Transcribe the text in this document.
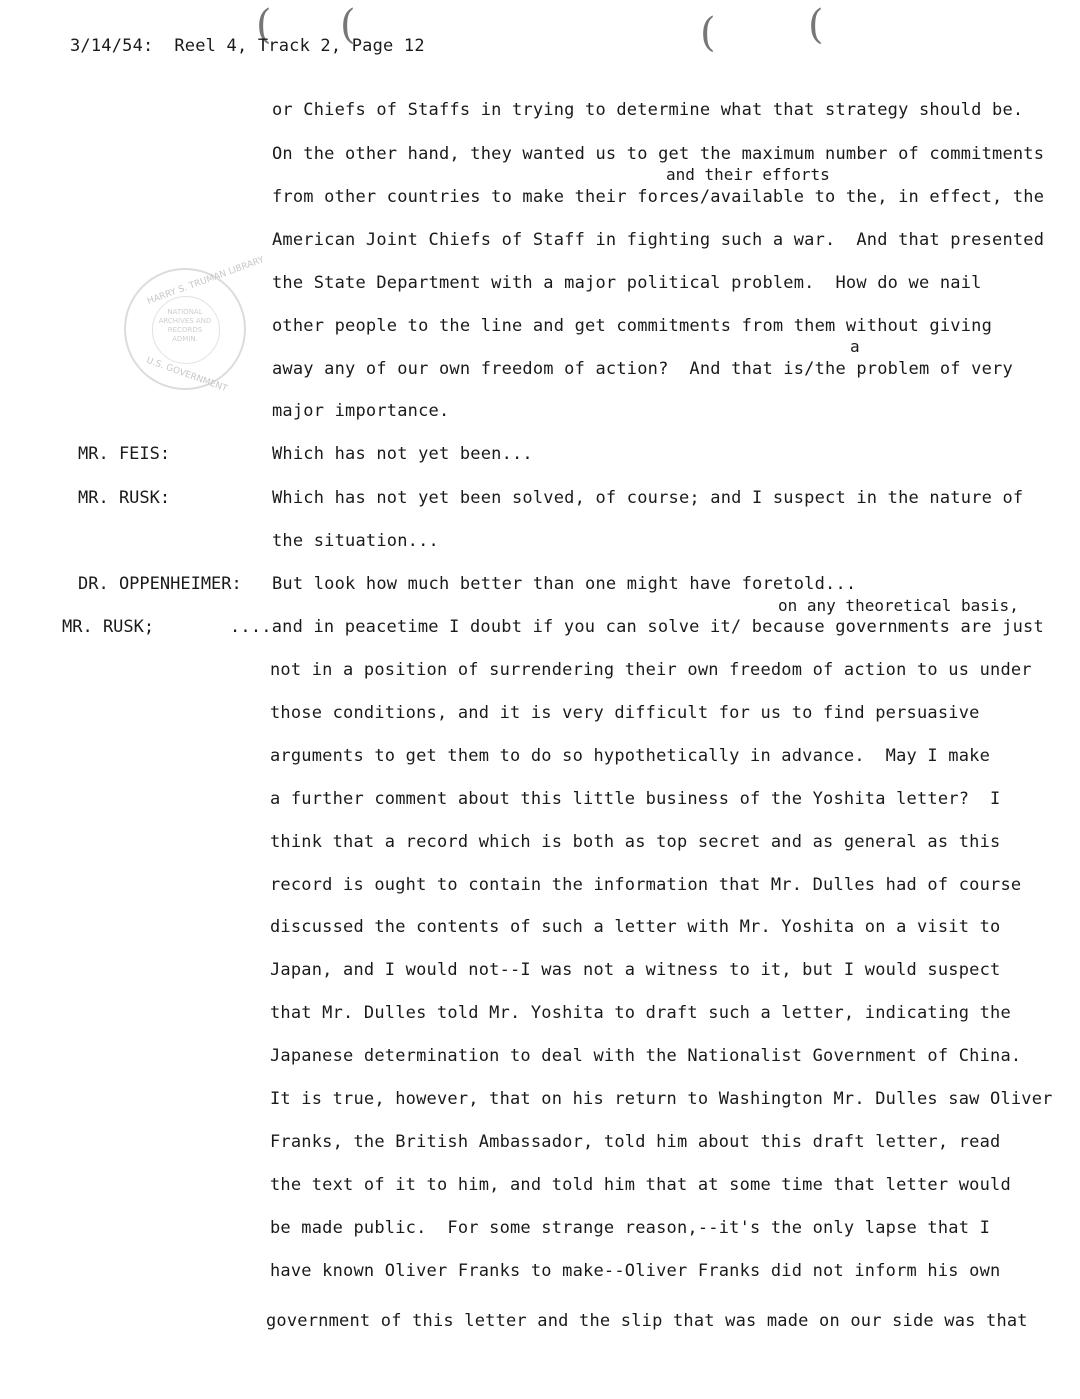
( (	( (
3/14/54:  Reel 4, Track 2, Page 12
HARRY S. TRUMAN LIBRARY
NATIONAL ARCHIVES AND RECORDS ADMIN.
U.S. GOVERNMENT
or Chiefs of Staffs in trying to determine what that strategy should be.
On the other hand, they wanted us to get the maximum number of commitments
and their efforts
from other countries to make their forces/available to the, in effect, the
American Joint Chiefs of Staff in fighting such a war.  And that presented
the State Department with a major political problem.  How do we nail
other people to the line and get commitments from them without giving
a
away any of our own freedom of action?  And that is/the problem of very
major importance.
MR. FEIS:	Which has not yet been...
MR. RUSK:	Which has not yet been solved, of course; and I suspect in the nature of
the situation...
DR. OPPENHEIMER: But look how much better than one might have foretold...
on any theoretical basis,
MR. RUSK;	....and in peacetime I doubt if you can solve it/ because governments are just
not in a position of surrendering their own freedom of action to us under
those conditions, and it is very difficult for us to find persuasive
arguments to get them to do so hypothetically in advance.  May I make
a further comment about this little business of the Yoshita letter?  I
think that a record which is both as top secret and as general as this
record is ought to contain the information that Mr. Dulles had of course
discussed the contents of such a letter with Mr. Yoshita on a visit to
Japan, and I would not--I was not a witness to it, but I would suspect
that Mr. Dulles told Mr. Yoshita to draft such a letter, indicating the
Japanese determination to deal with the Nationalist Government of China.
It is true, however, that on his return to Washington Mr. Dulles saw Oliver
Franks, the British Ambassador, told him about this draft letter, read
the text of it to him, and told him that at some time that letter would
be made public.  For some strange reason,--it's the only lapse that I
have known Oliver Franks to make--Oliver Franks did not inform his own
government of this letter and the slip that was made on our side was that
